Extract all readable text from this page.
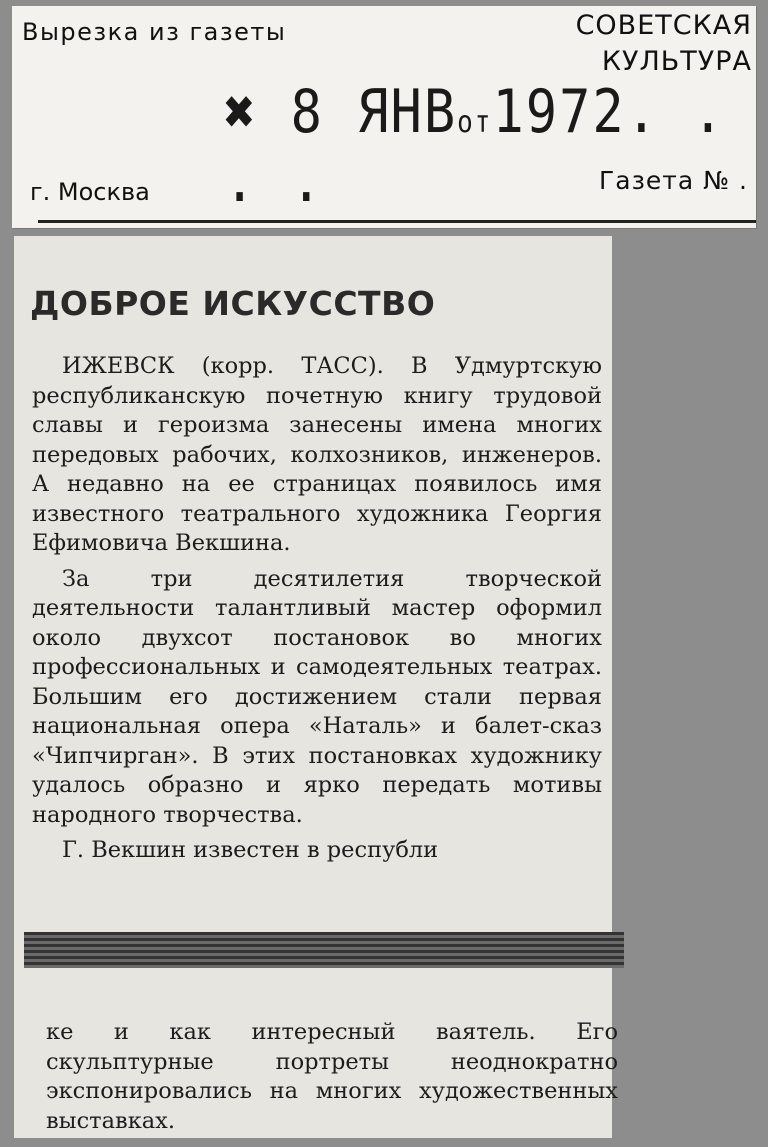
Вырезка из газеты	СОВЕТСКАЯ
КУЛЬТУРА
✖ 8 ЯНВот1972. . . .
г. Москва	Газета № .
ДОБРОЕ ИСКУССТВО

ИЖЕВСК (корр. ТАСС). В Удмуртскую республиканскую почетную книгу трудовой славы и героизма занесены имена многих передовых рабочих, колхозников, инженеров. А недавно на ее страницах появилось имя известного театрального художника Георгия Ефимовича Векшина.

За три десятилетия творческой деятельности талантливый мастер оформил около двухсот постановок во многих профессиональных и самодеятельных театрах. Большим его достижением стали первая национальная опера «Наталь» и балет-сказ «Чипчирган». В этих постановках художнику удалось образно и ярко передать мотивы народного творчества.

Г. Векшин известен в республи

ке и как интересный ваятель. Его скульптурные портреты неоднократно экспонировались на многих художественных выставках.
